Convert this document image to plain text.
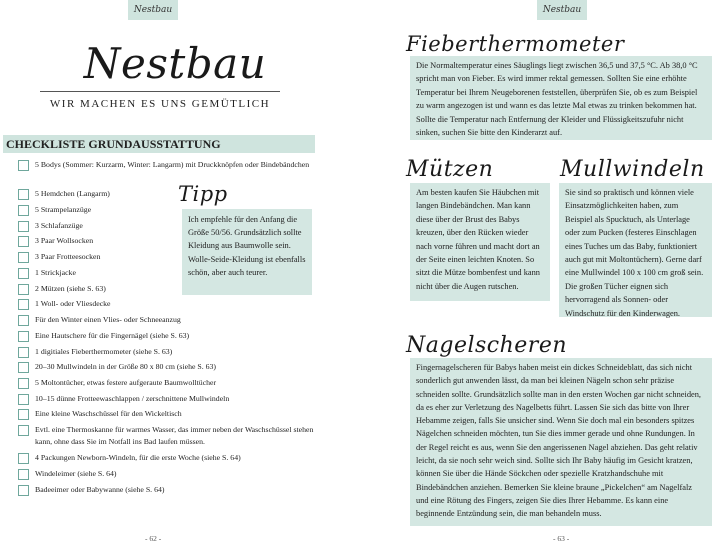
Nestbau
Nestbau
WIR MACHEN ES UNS GEMÜTLICH
CHECKLISTE GRUNDAUSSTATTUNG
5 Bodys (Sommer: Kurzarm, Winter: Langarm) mit Druckknöpfen oder Bindebändchen
5 Hemdchen (Langarm)
5 Strampelanzüge
3 Schlafanzüge
3 Paar Wollsocken
3 Paar Frotteesocken
1 Strickjacke
2 Mützen (siehe S. 63)
1 Woll- oder Vliesdecke
Für den Winter einen Vlies- oder Schneeanzug
Eine Hautschere für die Fingernägel (siehe S. 63)
1 digitiales Fieberthermometer (siehe S. 63)
20–30 Mullwindeln in der Größe 80 x 80 cm (siehe S. 63)
5 Moltontücher, etwas festere aufgeraute Baumwolltücher
10–15 dünne Frotteewaschlappen / zerschnittene Mullwindeln
Eine kleine Waschschüssel für den Wickeltisch
Evtl. eine Thermoskanne für warmes Wasser, das immer neben der Waschschüssel stehen kann, ohne dass Sie im Notfall ins Bad laufen müssen.
4 Packungen Newborn-Windeln, für die erste Woche (siehe S. 64)
Windeleimer (siehe S. 64)
Badeeimer oder Babywanne (siehe S. 64)
Ich empfehle für den Anfang die Größe 50/56. Grundsätzlich sollte Kleidung aus Baumwolle sein. Wolle-Seide-Kleidung ist ebenfalls schön, aber auch teurer.
Tipp
- 62 -
Nestbau
Fieberthermometer
Die Normaltemperatur eines Säuglings liegt zwischen 36,5 und 37,5 °C. Ab 38,0 °C spricht man von Fieber. Es wird immer rektal gemessen. Sollten Sie eine erhöhte Temperatur bei Ihrem Neugeborenen feststellen, überprüfen Sie, ob es zum Beispiel zu warm angezogen ist und wann es das letzte Mal etwas zu trinken bekommen hat. Sollte die Temperatur nach Entfernung der Kleider und Flüssigkeitszufuhr nicht sinken, suchen Sie bitte den Kinderarzt auf.
Mützen
Am besten kaufen Sie Häubchen mit langen Bindebändchen. Man kann diese über der Brust des Babys kreuzen, über den Rücken wieder nach vorne führen und macht dort an der Seite einen leichten Knoten. So sitzt die Mütze bombenfest und kann nicht über die Augen rutschen.
Mullwindeln
Sie sind so praktisch und können viele Einsatzmöglichkeiten haben, zum Beispiel als Spucktuch, als Unterlage oder zum Pucken (festeres Einschlagen eines Tuches um das Baby, funktioniert auch gut mit Moltontüchern). Gerne darf eine Mullwindel 100 x 100 cm groß sein. Die großen Tücher eignen sich hervorragend als Sonnen- oder Windschutz für den Kinderwagen.
Nagelscheren
Fingernagelscheren für Babys haben meist ein dickes Schneideblatt, das sich nicht sonderlich gut anwenden lässt, da man bei kleinen Nägeln schon sehr präzise schneiden sollte. Grundsätzlich sollte man in den ersten Wochen gar nicht schneiden, da es eher zur Verletzung des Nagelbetts führt. Lassen Sie sich das bitte von Ihrer Hebamme zeigen, falls Sie unsicher sind. Wenn Sie doch mal ein besonders spitzes Nägelchen schneiden möchten, tun Sie dies immer gerade und ohne Rundungen. In der Regel reicht es aus, wenn Sie den angerissenen Nagel abziehen. Das geht relativ leicht, da sie noch sehr weich sind. Sollte sich Ihr Baby häufig im Gesicht kratzen, können Sie über die Hände Söckchen oder spezielle Kratzhandschuhe mit Bindebändchen anziehen. Bemerken Sie kleine braune „Pickelchen“ am Nagelfalz und eine Rötung des Fingers, zeigen Sie dies Ihrer Hebamme. Es kann eine beginnende Entzündung sein, die man behandeln muss.
- 63 -
